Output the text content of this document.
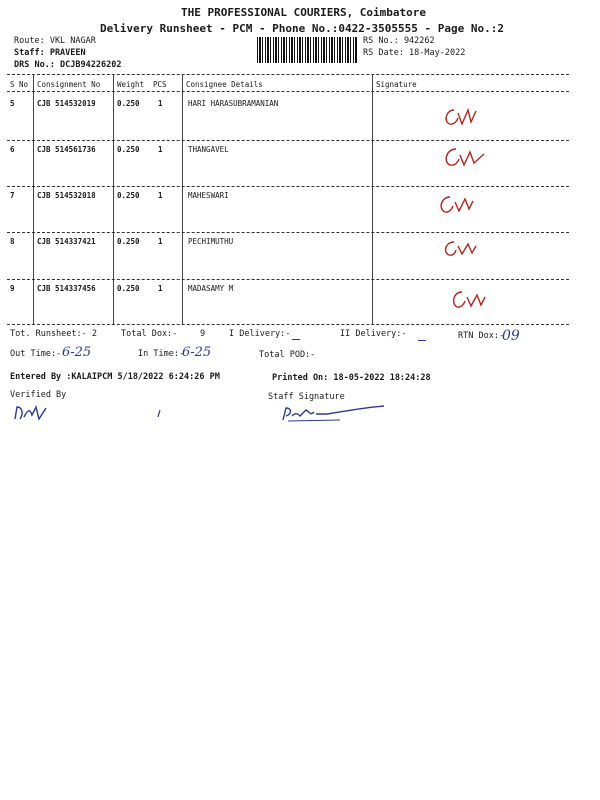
THE PROFESSIONAL COURIERS, Coimbatore
Delivery Runsheet - PCM - Phone No.:0422-3505555 - Page No.:2
Route: VKL NAGAR
Staff: PRAVEEN
DRS No.: DCJB94226202
RS No.: 942262
RS Date: 18-May-2022
S No Consignment No Weight PCS	Consignee Details	Signature
5	CJB 514532019	0.250 1	HARI HARASUBRAMANIAN
6	CJB 514561736	0.250 1	THANGAVEL
7	CJB 514532018	0.250 1	MAHESWARI
8	CJB 514337421	0.250 1	PECHIMUTHU
9	CJB 514337456	0.250 1	MADASAMY M
Tot. Runsheet:- 2	Total Dox:-	9	I Delivery:-	II Delivery:-	RTN Dox:-
09
Out Time:- 6-25	In Time:-
6-25	Total POD:-
Entered By :KALAIPCM 5/18/2022 6:24:26 PM	Printed On: 18-05-2022 18:24:28
Verified By	Staff Signature
